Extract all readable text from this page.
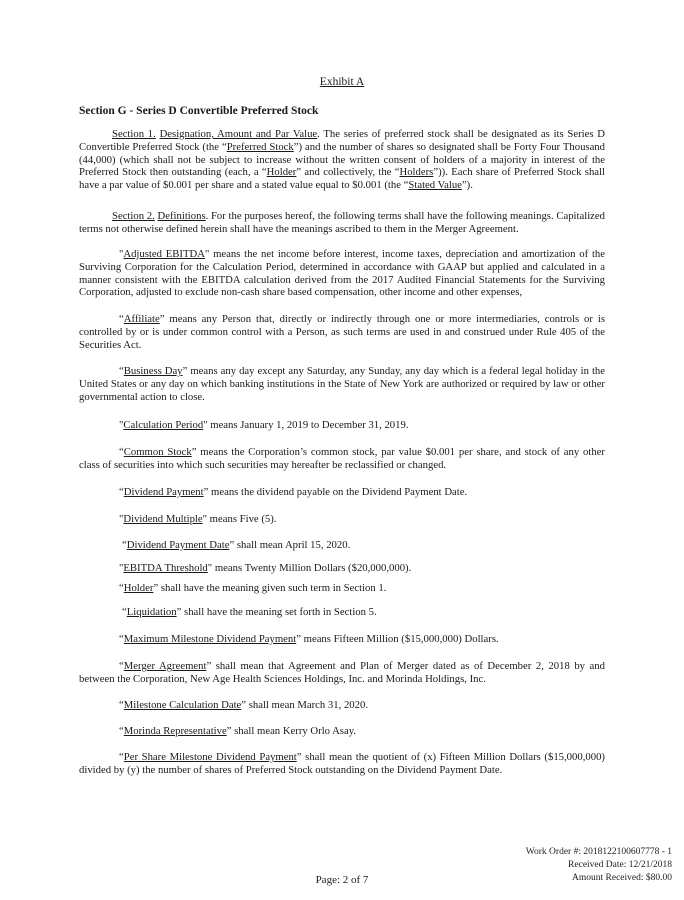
Exhibit A
Section G - Series D Convertible Preferred Stock

Section 1. Designation, Amount and Par Value. The series of preferred stock shall be designated as its Series D Convertible Preferred Stock (the “Preferred Stock”) and the number of shares so designated shall be Forty Four Thousand (44,000) (which shall not be subject to increase without the written consent of holders of a majority in interest of the Preferred Stock then outstanding (each, a “Holder” and collectively, the “Holders”)). Each share of Preferred Stock shall have a par value of $0.001 per share and a stated value equal to $0.001 (the “Stated Value”).

Section 2. Definitions. For the purposes hereof, the following terms shall have the following meanings. Capitalized terms not otherwise defined herein shall have the meanings ascribed to them in the Merger Agreement.

"Adjusted EBITDA" means the net income before interest, income taxes, depreciation and amortization of the Surviving Corporation for the Calculation Period, determined in accordance with GAAP but applied and calculated in a manner consistent with the EBITDA calculation derived from the 2017 Audited Financial Statements for the Surviving Corporation, adjusted to exclude non-cash share based compensation, other income and other expenses,

“Affiliate” means any Person that, directly or indirectly through one or more intermediaries, controls or is controlled by or is under common control with a Person, as such terms are used in and construed under Rule 405 of the Securities Act.

“Business Day” means any day except any Saturday, any Sunday, any day which is a federal legal holiday in the United States or any day on which banking institutions in the State of New York are authorized or required by law or other governmental action to close.

"Calculation Period" means January 1, 2019 to December 31, 2019.

“Common Stock” means the Corporation’s common stock, par value $0.001 per share, and stock of any other class of securities into which such securities may hereafter be reclassified or changed.

“Dividend Payment” means the dividend payable on the Dividend Payment Date.

"Dividend Multiple" means Five (5).

“Dividend Payment Date” shall mean April 15, 2020.

"EBITDA Threshold" means Twenty Million Dollars ($20,000,000).

“Holder” shall have the meaning given such term in Section 1.

“Liquidation” shall have the meaning set forth in Section 5.

“Maximum Milestone Dividend Payment” means Fifteen Million ($15,000,000) Dollars.

“Merger Agreement” shall mean that Agreement and Plan of Merger dated as of December 2, 2018 by and between the Corporation, New Age Health Sciences Holdings, Inc. and Morinda Holdings, Inc.

“Milestone Calculation Date” shall mean March 31, 2020.

“Morinda Representative” shall mean Kerry Orlo Asay.

“Per Share Milestone Dividend Payment” shall mean the quotient of (x) Fifteen Million Dollars ($15,000,000) divided by (y) the number of shares of Preferred Stock outstanding on the Dividend Payment Date.

Work Order #: 2018122100607778 - 1
Received Date: 12/21/2018
Amount Received: $80.00
Page: 2 of 7
